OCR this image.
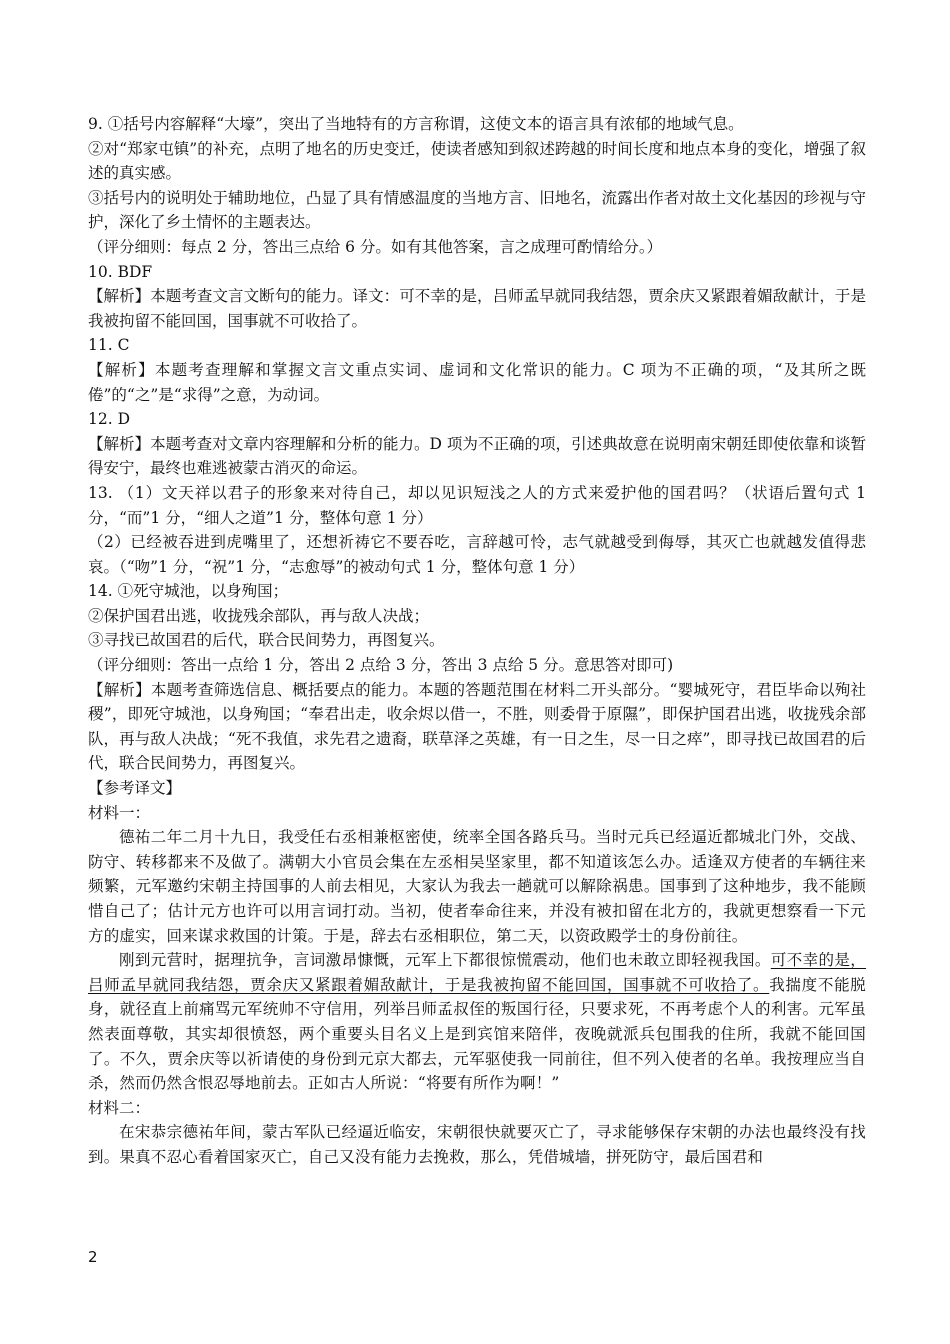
9. ①括号内容解释“大壕”，突出了当地特有的方言称谓，这使文本的语言具有浓郁的地域气息。

②对“郑家屯镇”的补充，点明了地名的历史变迁，使读者感知到叙述跨越的时间长度和地点本身的变化，增强了叙述的真实感。

③括号内的说明处于辅助地位，凸显了具有情感温度的当地方言、旧地名，流露出作者对故土文化基因的珍视与守护，深化了乡土情怀的主题表达。

（评分细则：每点 2 分，答出三点给 6 分。如有其他答案，言之成理可酌情给分。）

10. BDF

【解析】本题考查文言文断句的能力。译文：可不幸的是，吕师孟早就同我结怨，贾余庆又紧跟着媚敌献计，于是我被拘留不能回国，国事就不可收拾了。

11. C

【解析】本题考查理解和掌握文言文重点实词、虚词和文化常识的能力。C 项为不正确的项，“及其所之既倦”的“之”是“求得”之意，为动词。

12. D

【解析】本题考查对文章内容理解和分析的能力。D 项为不正确的项，引述典故意在说明南宋朝廷即使依靠和谈暂得安宁，最终也难逃被蒙古消灭的命运。

13. （1）文天祥以君子的形象来对待自己，却以见识短浅之人的方式来爱护他的国君吗？（状语后置句式 1 分，“而”1 分，“细人之道”1 分，整体句意 1 分）

（2）已经被吞进到虎嘴里了，还想祈祷它不要吞吃，言辞越可怜，志气就越受到侮辱，其灭亡也就越发值得悲哀。（“吻”1 分，“祝”1 分，“志愈辱”的被动句式 1 分，整体句意 1 分）

14. ①死守城池，以身殉国；

②保护国君出逃，收拢残余部队，再与敌人决战；

③寻找已故国君的后代，联合民间势力，再图复兴。

（评分细则：答出一点给 1 分，答出 2 点给 3 分，答出 3 点给 5 分。意思答对即可)

【解析】本题考查筛选信息、概括要点的能力。本题的答题范围在材料二开头部分。“婴城死守，君臣毕命以殉社稷”，即死守城池，以身殉国；“奉君出走，收余烬以借一，不胜，则委骨于原隰”，即保护国君出逃，收拢残余部队，再与敌人决战；“死不我值，求先君之遗裔，联草泽之英雄，有一日之生，尽一日之瘁”，即寻找已故国君的后代，联合民间势力，再图复兴。

【参考译文】

材料一：

德祐二年二月十九日，我受任右丞相兼枢密使，统率全国各路兵马。当时元兵已经逼近都城北门外，交战、防守、转移都来不及做了。满朝大小官员会集在左丞相吴坚家里，都不知道该怎么办。适逢双方使者的车辆往来频繁，元军邀约宋朝主持国事的人前去相见，大家认为我去一趟就可以解除祸患。国事到了这种地步，我不能顾惜自己了；估计元方也许可以用言词打动。当初，使者奉命往来，并没有被扣留在北方的，我就更想察看一下元方的虚实，回来谋求救国的计策。于是，辞去右丞相职位，第二天，以资政殿学士的身份前往。

刚到元营时，据理抗争，言词激昂慷慨，元军上下都很惊慌震动，他们也未敢立即轻视我国。可不幸的是，吕师孟早就同我结怨，贾余庆又紧跟着媚敌献计，于是我被拘留不能回国，国事就不可收拾了。我揣度不能脱身，就径直上前痛骂元军统帅不守信用，列举吕师孟叔侄的叛国行径，只要求死，不再考虑个人的利害。元军虽然表面尊敬，其实却很愤怒，两个重要头目名义上是到宾馆来陪伴，夜晚就派兵包围我的住所，我就不能回国了。不久，贾余庆等以祈请使的身份到元京大都去，元军驱使我一同前往，但不列入使者的名单。我按理应当自杀，然而仍然含恨忍辱地前去。正如古人所说：“将要有所作为啊！”

材料二：

在宋恭宗德祐年间，蒙古军队已经逼近临安，宋朝很快就要灭亡了，寻求能够保存宋朝的办法也最终没有找到。果真不忍心看着国家灭亡，自己又没有能力去挽救，那么，凭借城墙，拼死防守，最后国君和

2
